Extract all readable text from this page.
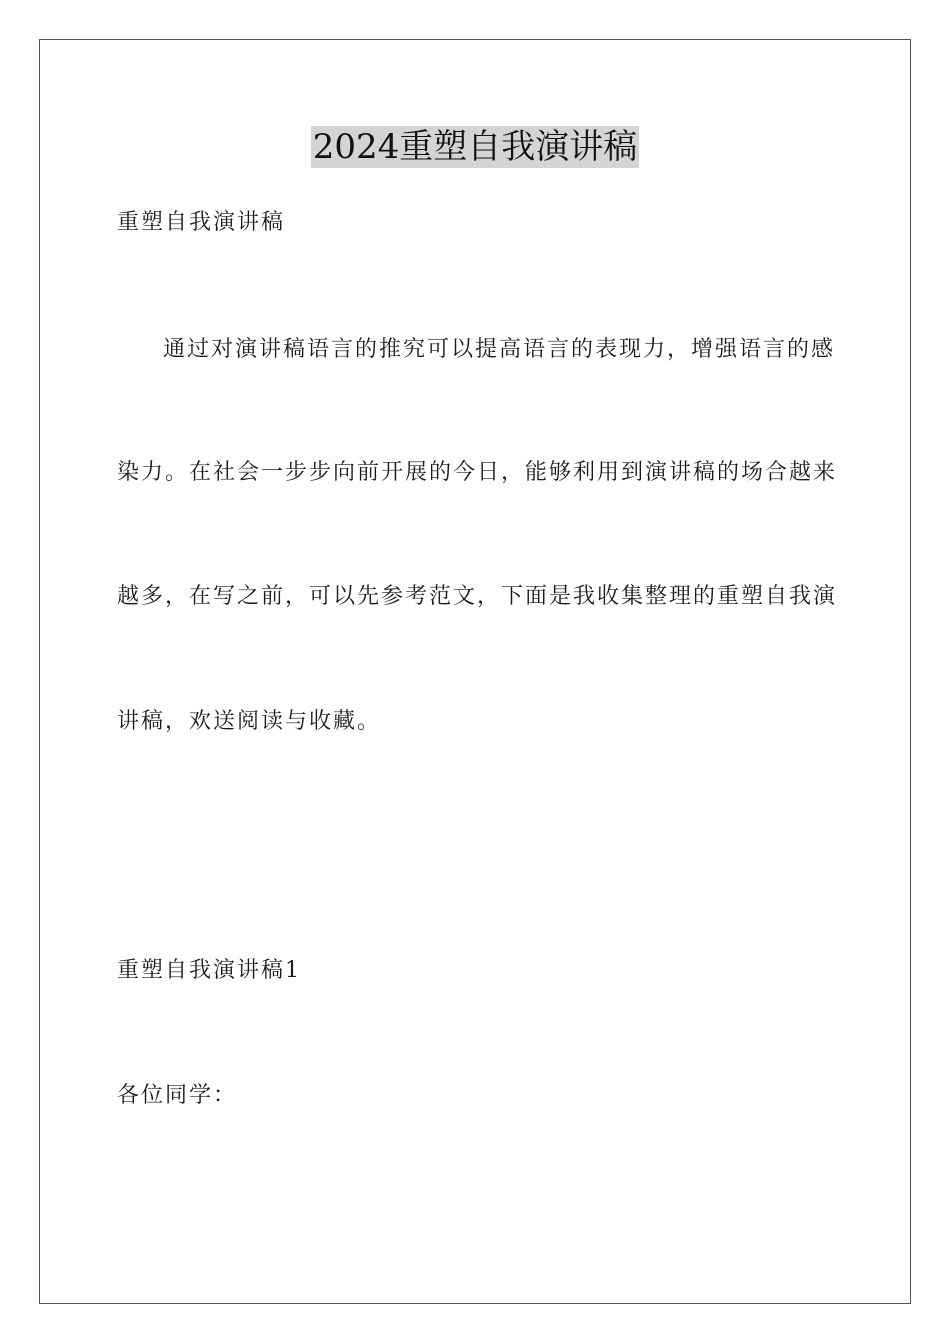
2024重塑自我演讲稿
重塑自我演讲稿
通过对演讲稿语言的推究可以提高语言的表现力，增强语言的感
染力。在社会一步步向前开展的今日，能够利用到演讲稿的场合越来
越多，在写之前，可以先参考范文，下面是我收集整理的重塑自我演
讲稿，欢送阅读与收藏。
重塑自我演讲稿1
各位同学：
